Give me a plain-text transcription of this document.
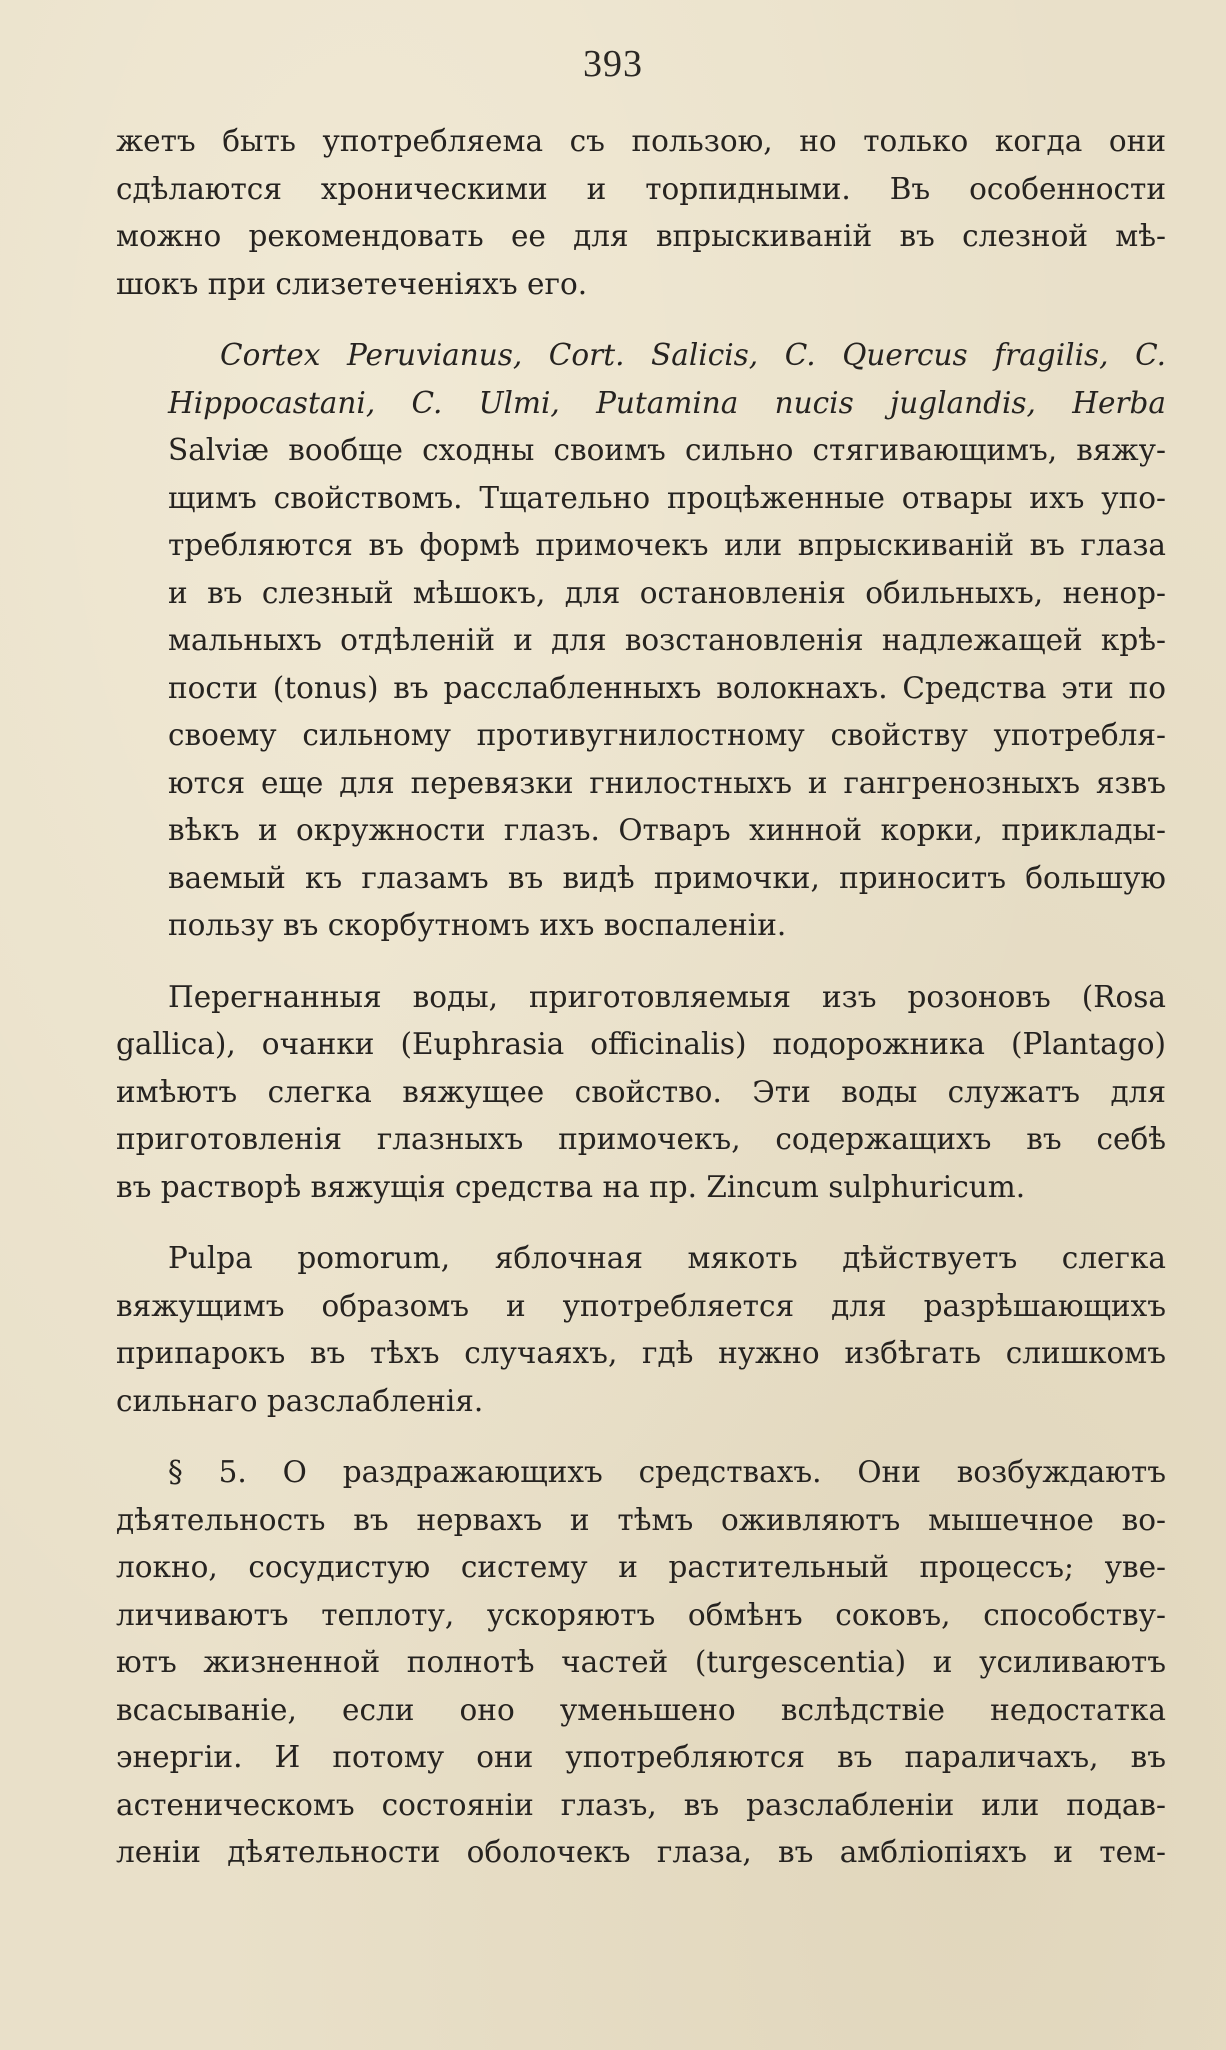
393

жетъ быть употребляема съ пользою, но только когда они
сдѣлаются хроническими и торпидными. Въ особенности
можно рекомендовать ее для впрыскиваній въ слезной мѣ-
шокъ при слизетеченіяхъ его.

Cortex Peruvianus, Cort. Salicis, C. Quercus fragilis, C.
Hippocastani, C. Ulmi, Putamina nucis juglandis, Herba
Salviæ вообще сходны своимъ сильно стягивающимъ, вяжу-
щимъ свойствомъ. Тщательно процѣженные отвары ихъ упо-
требляются въ формѣ примочекъ или впрыскиваній въ глаза
и въ слезный мѣшокъ, для остановленія обильныхъ, ненор-
мальныхъ отдѣленій и для возстановленія надлежащей крѣ-
пости (tonus) въ расслабленныхъ волокнахъ. Средства эти по
своему сильному противугнилостному свойству употребля-
ются еще для перевязки гнилостныхъ и гангренозныхъ язвъ
вѣкъ и окружности глазъ. Отваръ хинной корки, приклады-
ваемый къ глазамъ въ видѣ примочки, приноситъ большую
пользу въ скорбутномъ ихъ воспаленіи.

Перегнанныя воды, приготовляемыя изъ розоновъ (Rosa
gallica), очанки (Euphrasia officinalis) подорожника (Plantago)
имѣютъ слегка вяжущее свойство. Эти воды служатъ для
приготовленія глазныхъ примочекъ, содержащихъ въ себѣ
въ растворѣ вяжущія средства на пр. Zincum sulphuricum.

Pulpa pomorum, яблочная мякоть дѣйствуетъ слегка
вяжущимъ образомъ и употребляется для разрѣшающихъ
припарокъ въ тѣхъ случаяхъ, гдѣ нужно избѣгать слишкомъ
сильнаго разслабленія.

§ 5. О раздражающихъ средствахъ. Они возбуждаютъ
дѣятельность въ нервахъ и тѣмъ оживляютъ мышечное во-
локно, сосудистую систему и растительный процессъ; уве-
личиваютъ теплоту, ускоряютъ обмѣнъ соковъ, способству-
ютъ жизненной полнотѣ частей (turgescentia) и усиливаютъ
всасываніе, если оно уменьшено вслѣдствіе недостатка
энергіи. И потому они употребляются въ параличахъ, въ
астеническомъ состояніи глазъ, въ разслабленіи или подав-
леніи дѣятельности оболочекъ глаза, въ амбліопіяхъ и тем-
